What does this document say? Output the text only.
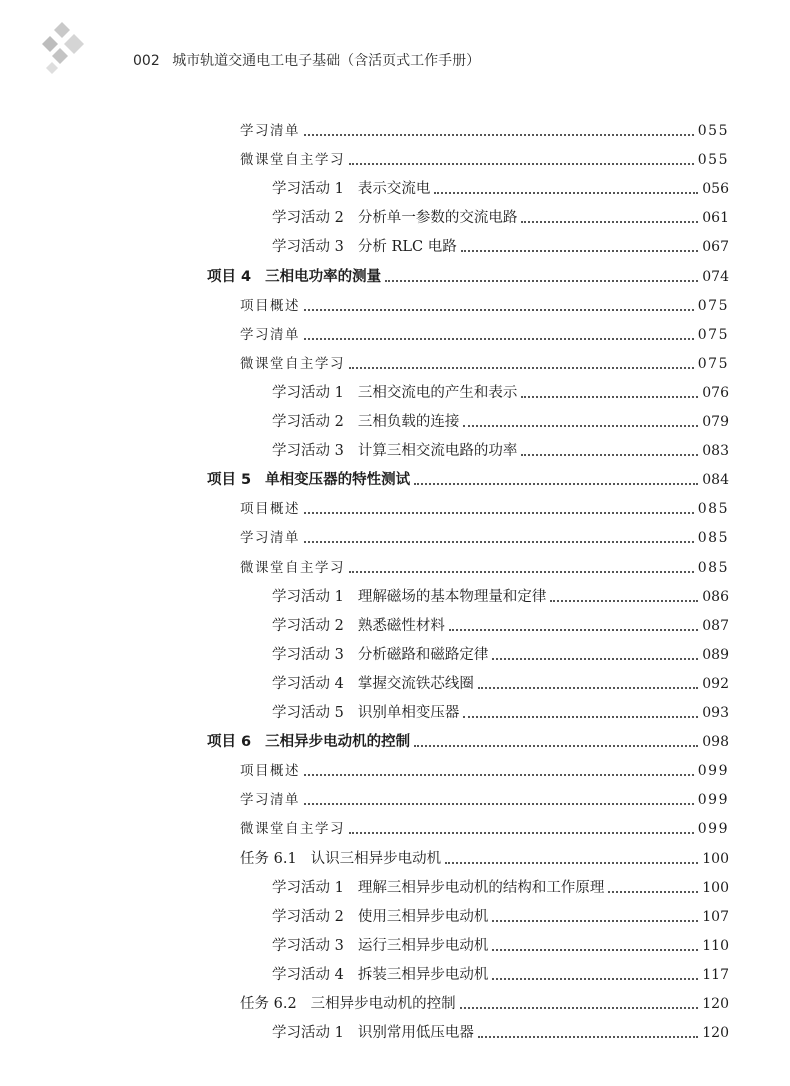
002 城市轨道交通电工电子基础（含活页式工作手册）
学习清单	055
微课堂自主学习	055
学习活动 1 表示交流电	056
学习活动 2 分析单一参数的交流电路	061
学习活动 3 分析 RLC 电路	067
项目 4 三相电功率的测量	074
项目概述	075
学习清单	075
微课堂自主学习	075
学习活动 1 三相交流电的产生和表示	076
学习活动 2 三相负载的连接	079
学习活动 3 计算三相交流电路的功率	083
项目 5 单相变压器的特性测试	084
项目概述	085
学习清单	085
微课堂自主学习	085
学习活动 1 理解磁场的基本物理量和定律	086
学习活动 2 熟悉磁性材料	087
学习活动 3 分析磁路和磁路定律	089
学习活动 4 掌握交流铁芯线圈	092
学习活动 5 识别单相变压器	093
项目 6 三相异步电动机的控制	098
项目概述	099
学习清单	099
微课堂自主学习	099
任务 6.1 认识三相异步电动机	100
学习活动 1 理解三相异步电动机的结构和工作原理	100
学习活动 2 使用三相异步电动机	107
学习活动 3 运行三相异步电动机	110
学习活动 4 拆装三相异步电动机	117
任务 6.2 三相异步电动机的控制	120
学习活动 1 识别常用低压电器	120
